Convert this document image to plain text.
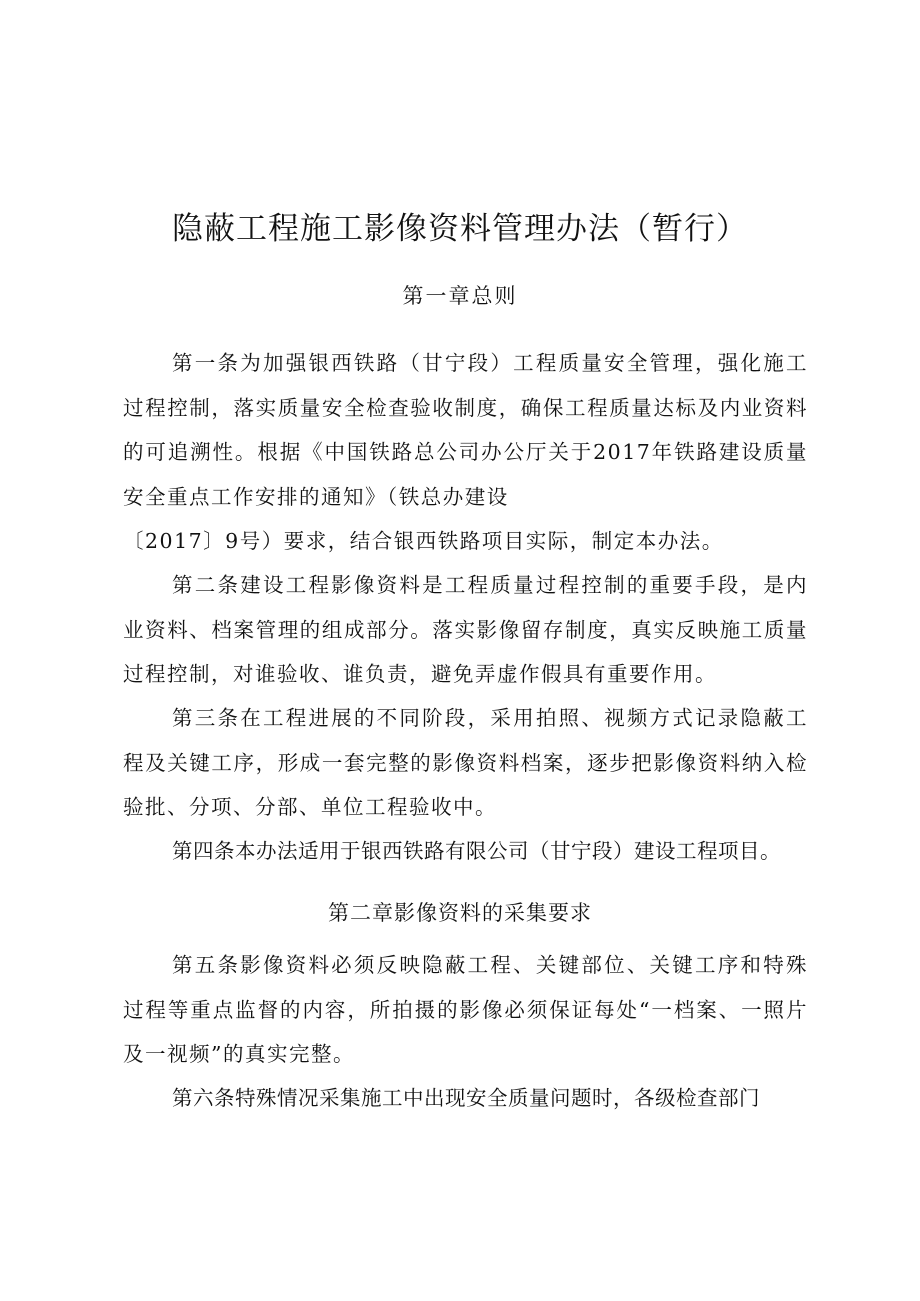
隐蔽工程施工影像资料管理办法（暂行）
第一章总则

第一条为加强银西铁路（甘宁段）工程质量安全管理，强化施工过程控制，落实质量安全检查验收制度，确保工程质量达标及内业资料的可追溯性。根据《中国铁路总公司办公厅关于2017年铁路建设质量安全重点工作安排的通知》（铁总办建设

〔2017〕9号）要求，结合银西铁路项目实际，制定本办法。

第二条建设工程影像资料是工程质量过程控制的重要手段，是内业资料、档案管理的组成部分。落实影像留存制度，真实反映施工质量过程控制，对谁验收、谁负责，避免弄虚作假具有重要作用。

第三条在工程进展的不同阶段，采用拍照、视频方式记录隐蔽工程及关键工序，形成一套完整的影像资料档案，逐步把影像资料纳入检验批、分项、分部、单位工程验收中。

第四条本办法适用于银西铁路有限公司（甘宁段）建设工程项目。

第二章影像资料的采集要求

第五条影像资料必须反映隐蔽工程、关键部位、关键工序和特殊过程等重点监督的内容，所拍摄的影像必须保证每处“一档案、一照片及一视频”的真实完整。

第六条特殊情况采集施工中出现安全质量问题时，各级检查部门
